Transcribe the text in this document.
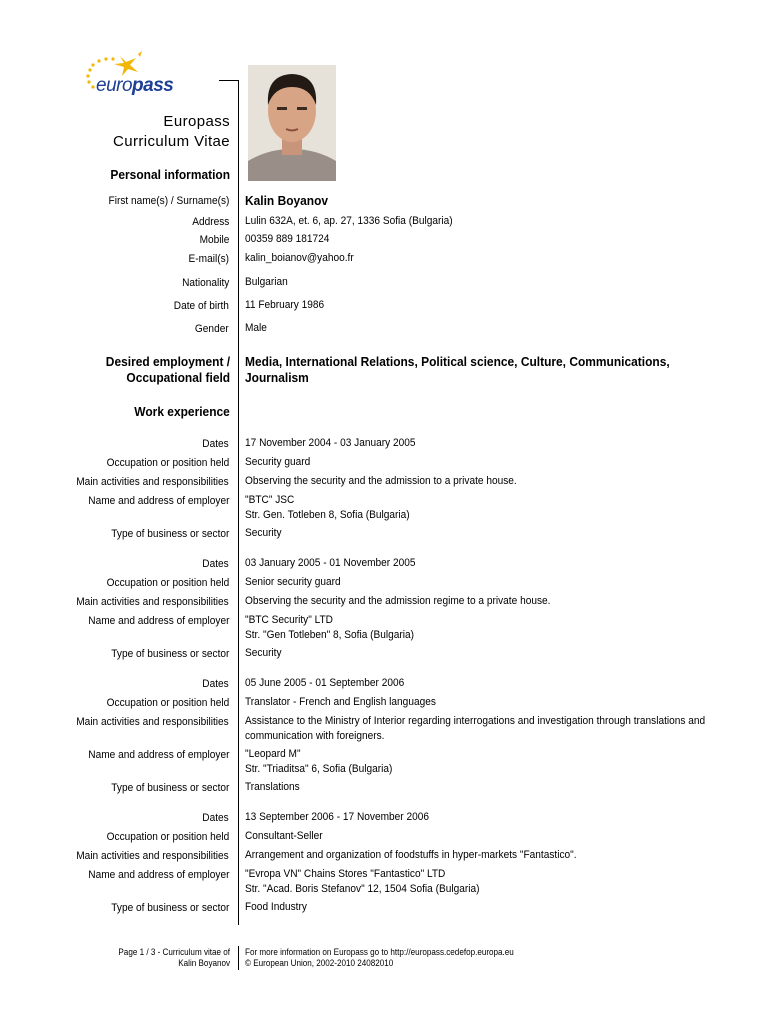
europass
Europass
Curriculum Vitae
Personal information
First name(s) / Surname(s) Kalin Boyanov
Address Lulin 632A, et. 6, ap. 27, 1336 Sofia (Bulgaria)
Mobile 00359 889 181724
E-mail(s) kalin_boianov@yahoo.fr
Nationality Bulgarian
Date of birth 11 February 1986
Gender Male
Desired employment /
Occupational field
Media, International Relations, Political science, Culture, Communications, Journalism
Work experience
Dates 17 November 2004 - 03 January 2005
Occupation or position held Security guard
Main activities and responsibilities Observing the security and the admission to a private house.
Name and address of employer "BTC" JSC
Str. Gen. Totleben 8, Sofia (Bulgaria)
Type of business or sector Security
Dates 03 January 2005 - 01 November 2005
Occupation or position held Senior security guard
Main activities and responsibilities Observing the security and the admission regime to a private house.
Name and address of employer "BTC Security" LTD
Str. "Gen Totleben" 8, Sofia (Bulgaria)
Type of business or sector Security
Dates 05 June 2005 - 01 September 2006
Occupation or position held Translator - French and English languages
Main activities and responsibilities Assistance to the Ministry of Interior regarding interrogations and investigation through translations and communication with foreigners.
Name and address of employer "Leopard M"
Str. "Triaditsa" 6, Sofia (Bulgaria)
Type of business or sector Translations
Dates 13 September 2006 - 17 November 2006
Occupation or position held Consultant-Seller
Main activities and responsibilities Arrangement and organization of foodstuffs in hyper-markets "Fantastico".
Name and address of employer "Evropa VN" Chains Stores "Fantastico" LTD
Str. "Acad. Boris Stefanov" 12, 1504 Sofia (Bulgaria)
Type of business or sector Food Industry
Page 1 / 3 - Curriculum vitae of
Kalin Boyanov
For more information on Europass go to http://europass.cedefop.europa.eu
© European Union, 2002-2010 24082010
